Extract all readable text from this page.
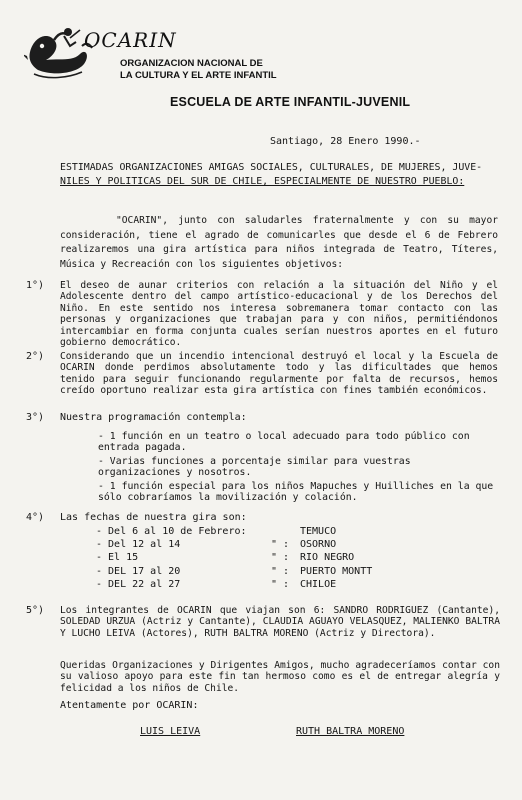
OCARIN
ORGANIZACION NACIONAL DE
LA CULTURA Y EL ARTE INFANTIL
ESCUELA DE ARTE INFANTIL-JUVENIL
Santiago, 28 Enero 1990.-
ESTIMADAS ORGANIZACIONES AMIGAS SOCIALES, CULTURALES, DE MUJERES, JUVE-
NILES Y POLITICAS DEL SUR DE CHILE, ESPECIALMENTE DE NUESTRO PUEBLO:
"OCARIN", junto con saludarles fraternalmente y con su mayor consideración, tiene el agrado de comunicarles que desde el 6 de Febrero realizaremos una gira artística para niños integrada de Teatro, Títeres, Música y Recreación con los siguientes objetivos:
1°) El deseo de aunar criterios con relación a la situación del Niño y el Adolescente dentro del campo artístico-educacional y de los Derechos del Niño. En este sentido nos interesa sobremanera tomar contacto con las personas y organizaciones que trabajan para y con niños, permitiéndonos intercambiar en forma conjunta cuales serían nuestros aportes en el futuro gobierno democrático.
2°) Considerando que un incendio intencional destruyó el local y la Escuela de OCARIN donde perdimos absolutamente todo y las dificultades que hemos tenido para seguir funcionando regularmente por falta de recursos, hemos creído oportuno realizar esta gira artística con fines también económicos.
3°) Nuestra programación contempla:
- 1 función en un teatro o local adecuado para todo público con entrada pagada.
- Varias funciones a porcentaje similar para vuestras organizaciones y nosotros.
- 1 función especial para los niños Mapuches y Huilliches en la que sólo cobraríamos la movilización y colación.
4°) Las fechas de nuestra gira son:
- Del 6 al 10 de Febrero:	TEMUCO
- Del 12 al 14	" : OSORNO
- El 15	" : RIO NEGRO
- DEL 17 al 20	" : PUERTO MONTT
- DEL 22 al 27	" : CHILOE
5°) Los integrantes de OCARIN que viajan son 6: SANDRO RODRIGUEZ (Cantante), SOLEDAD URZUA (Actriz y Cantante), CLAUDIA AGUAYO VELASQUEZ, MALIENKO BALTRA Y LUCHO LEIVA (Actores), RUTH BALTRA MORENO (Actriz y Directora).
Queridas Organizaciones y Dirigentes Amigos, mucho agradeceríamos contar con su valioso apoyo para este fin tan hermoso como es el de entregar alegría y felicidad a los niños de Chile.
Atentamente por OCARIN:
LUIS LEIVA	RUTH BALTRA MORENO
